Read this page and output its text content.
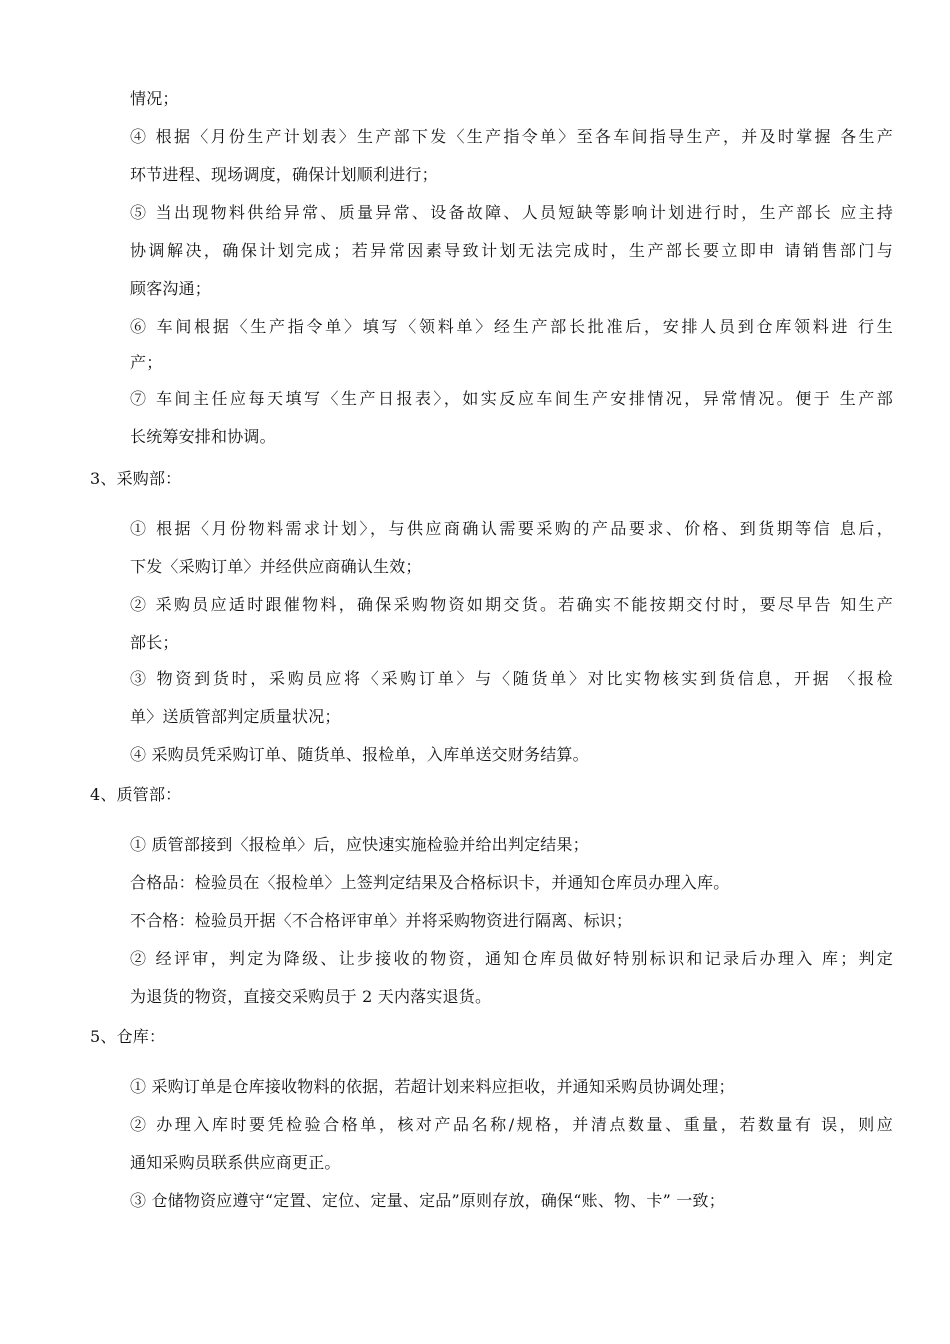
情况；
④ 根据〈月份生产计划表〉生产部下发〈生产指令单〉至各车间指导生产，并及时掌握 各生产
环节进程、现场调度，确保计划顺利进行；
⑤ 当出现物料供给异常、质量异常、设备故障、人员短缺等影响计划进行时，生产部长 应主持
协调解决，确保计划完成；若异常因素导致计划无法完成时，生产部长要立即申 请销售部门与
顾客沟通；
⑥ 车间根据〈生产指令单〉填写〈领料单〉经生产部长批准后，安排人员到仓库领料进 行生
产；
⑦ 车间主任应每天填写〈生产日报表〉，如实反应车间生产安排情况，异常情况。便于 生产部
长统筹安排和协调。
3、采购部：
① 根据〈月份物料需求计划〉，与供应商确认需要采购的产品要求、价格、到货期等信 息后，
下发〈采购订单〉并经供应商确认生效；
② 采购员应适时跟催物料，确保采购物资如期交货。若确实不能按期交付时，要尽早告 知生产
部长；
③ 物资到货时，采购员应将〈采购订单〉与〈随货单〉对比实物核实到货信息，开据 〈报检
单〉送质管部判定质量状况；
④ 采购员凭采购订单、随货单、报检单，入库单送交财务结算。
4、质管部：
① 质管部接到〈报检单〉后，应快速实施检验并给出判定结果；
合格品：检验员在〈报检单〉上签判定结果及合格标识卡，并通知仓库员办理入库。
不合格：检验员开据〈不合格评审单〉并将采购物资进行隔离、标识；
② 经评审，判定为降级、让步接收的物资，通知仓库员做好特别标识和记录后办理入 库；判定
为退货的物资，直接交采购员于 2 天内落实退货。
5、仓库：
① 采购订单是仓库接收物料的依据，若超计划来料应拒收，并通知采购员协调处理；
② 办理入库时要凭检验合格单，核对产品名称/规格，并清点数量、重量，若数量有 误，则应
通知采购员联系供应商更正。
③ 仓储物资应遵守“定置、定位、定量、定品”原则存放，确保“账、物、卡” 一致；
